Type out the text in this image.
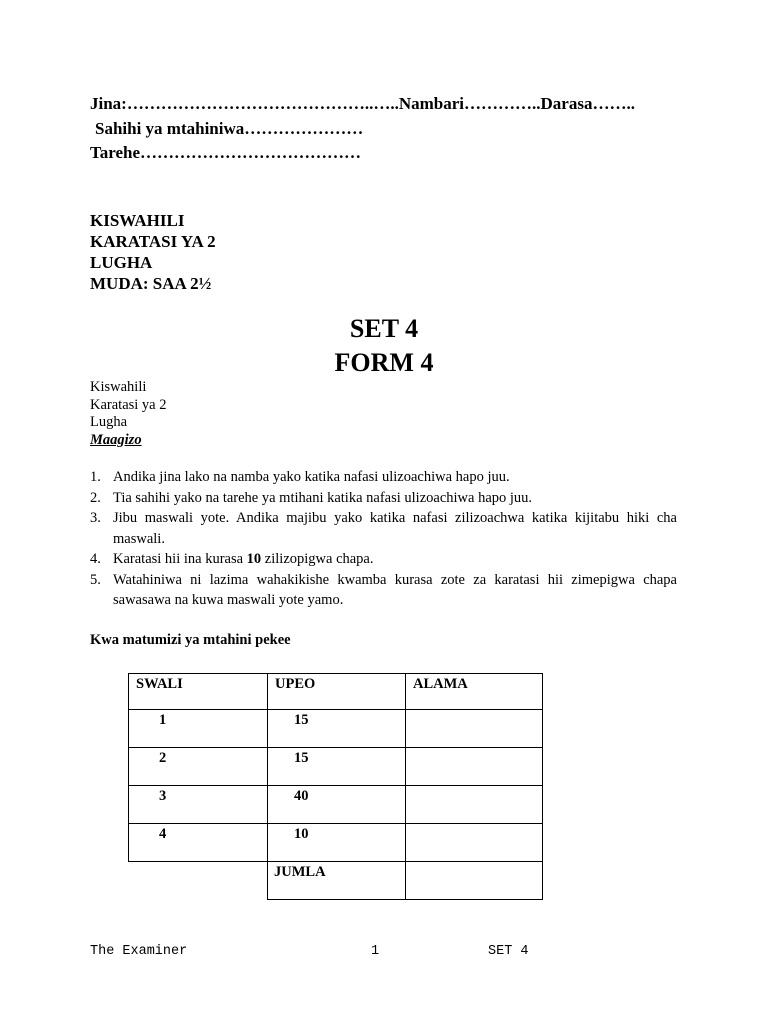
Jina:……………………………………..…..Nambari…………..Darasa……..
Sahihi ya mtahiniwa…………………
Tarehe…………………………………
KISWAHILI
KARATASI YA 2
LUGHA
MUDA: SAA 2½
SET 4
FORM 4
Kiswahili
Karatasi ya 2
Lugha
Maagizo
1. Andika jina lako na namba yako katika nafasi ulizoachiwa hapo juu.
2. Tia sahihi yako na tarehe ya mtihani katika nafasi ulizoachiwa hapo juu.
3. Jibu maswali yote. Andika majibu yako katika nafasi zilizoachwa katika kijitabu hiki cha maswali.
4. Karatasi hii ina kurasa 10 zilizopigwa chapa.
5. Watahiniwa ni lazima wahakikishe kwamba kurasa zote za karatasi hii zimepigwa chapa sawasawa na kuwa maswali yote yamo.
Kwa matumizi ya mtahini pekee
SWALI	UPEO	ALAMA
1	15	
2	15	
3	40	
4	10	
	JUMLA	
The Examiner	1	SET 4
